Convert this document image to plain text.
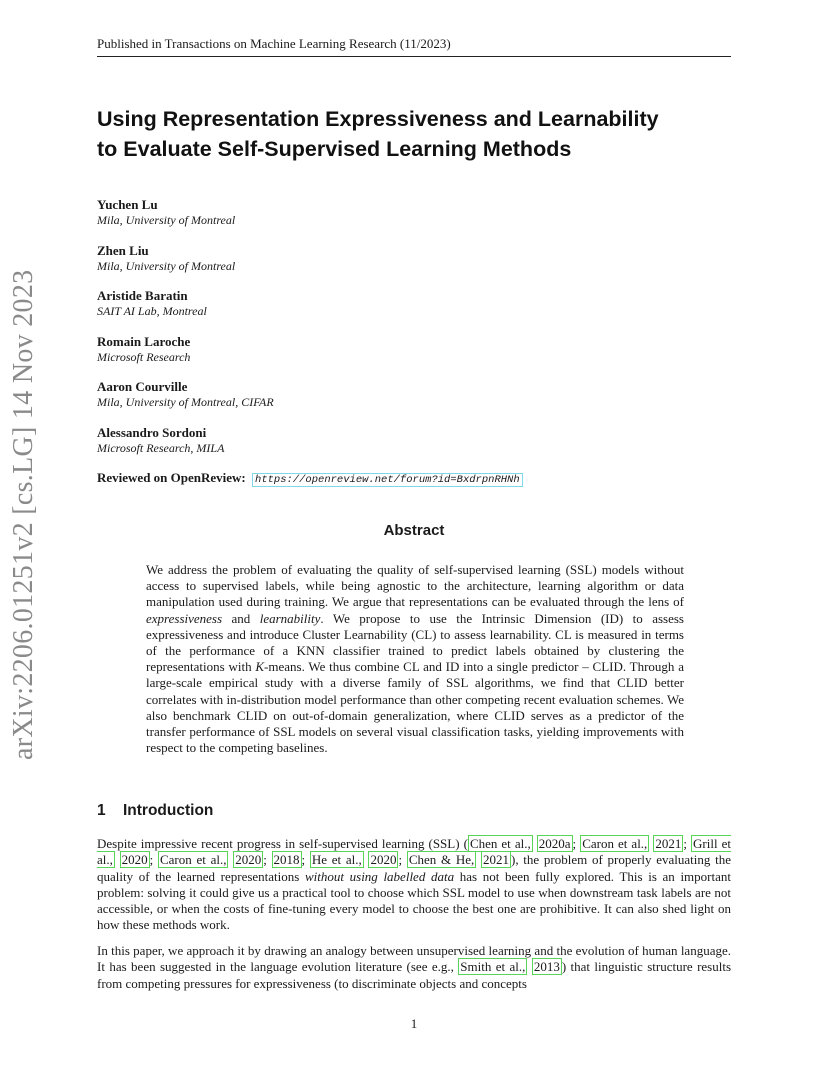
Published in Transactions on Machine Learning Research (11/2023)
arXiv:2206.01251v2 [cs.LG] 14 Nov 2023
Using Representation Expressiveness and Learnability
to Evaluate Self-Supervised Learning Methods
Yuchen Lu
Mila, University of Montreal
Zhen Liu
Mila, University of Montreal
Aristide Baratin
SAIT AI Lab, Montreal
Romain Laroche
Microsoft Research
Aaron Courville
Mila, University of Montreal, CIFAR
Alessandro Sordoni
Microsoft Research, MILA
Reviewed on OpenReview: https://openreview.net/forum?id=BxdrpnRHNh
Abstract
We address the problem of evaluating the quality of self-supervised learning (SSL) models without access to supervised labels, while being agnostic to the architecture, learning algorithm or data manipulation used during training. We argue that representations can be evaluated through the lens of expressiveness and learnability. We propose to use the Intrinsic Dimension (ID) to assess expressiveness and introduce Cluster Learnability (CL) to assess learnability. CL is measured in terms of the performance of a KNN classifier trained to predict labels obtained by clustering the representations with K-means. We thus combine CL and ID into a single predictor – CLID. Through a large-scale empirical study with a diverse family of SSL algorithms, we find that CLID better correlates with in-distribution model performance than other competing recent evaluation schemes. We also benchmark CLID on out-of-domain generalization, where CLID serves as a predictor of the transfer performance of SSL models on several visual classification tasks, yielding improvements with respect to the competing baselines.
1 Introduction
Despite impressive recent progress in self-supervised learning (SSL) ( Chen et al., 2020a ; Caron et al., 2021 ; Grill et al., 2020 ; Caron et al., 2020 ; 2018 ; He et al., 2020 ; Chen & He, 2021 ), the problem of properly evaluating the quality of the learned representations without using labelled data has not been fully explored. This is an important problem: solving it could give us a practical tool to choose which SSL model to use when downstream task labels are not accessible, or when the costs of fine-tuning every model to choose the best one are prohibitive. It can also shed light on how these methods work.
In this paper, we approach it by drawing an analogy between unsupervised learning and the evolution of human language. It has been suggested in the language evolution literature (see e.g., Smith et al., 2013 ) that linguistic structure results from competing pressures for expressiveness (to discriminate objects and concepts
1
